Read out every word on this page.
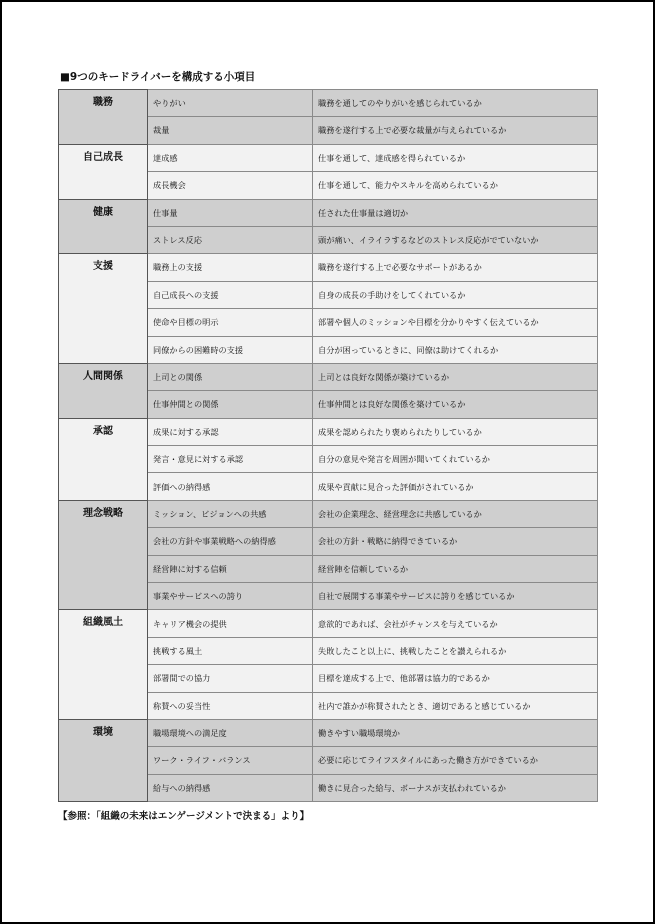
■9つのキードライバーを構成する小項目
職務	やりがい	職務を通してのやりがいを感じられているか
	裁量	職務を遂行する上で必要な裁量が与えられているか
自己成長	達成感	仕事を通して、達成感を得られているか
	成長機会	仕事を通して、能力やスキルを高められているか
健康	仕事量	任された仕事量は適切か
	ストレス反応	頭が痛い、イライラするなどのストレス反応がでていないか
支援	職務上の支援	職務を遂行する上で必要なサポートがあるか
	自己成長への支援	自身の成長の手助けをしてくれているか
	使命や目標の明示	部署や個人のミッションや目標を分かりやすく伝えているか
	同僚からの困難時の支援	自分が困っているときに、同僚は助けてくれるか
人間関係	上司との関係	上司とは良好な関係が築けているか
	仕事仲間との関係	仕事仲間とは良好な関係を築けているか
承認	成果に対する承認	成果を認められたり褒められたりしているか
	発言・意見に対する承認	自分の意見や発言を周囲が聞いてくれているか
	評価への納得感	成果や貢献に見合った評価がされているか
理念戦略	ミッション、ビジョンへの共感	会社の企業理念、経営理念に共感しているか
	会社の方針や事業戦略への納得感	会社の方針・戦略に納得できているか
	経営陣に対する信頼	経営陣を信頼しているか
	事業やサービスへの誇り	自社で展開する事業やサービスに誇りを感じているか
組織風土	キャリア機会の提供	意欲的であれば、会社がチャンスを与えているか
	挑戦する風土	失敗したこと以上に、挑戦したことを讃えられるか
	部署間での協力	目標を達成する上で、他部署は協力的であるか
	称賛への妥当性	社内で誰かが称賛されたとき、適切であると感じているか
環境	職場環境への満足度	働きやすい職場環境か
	ワーク・ライフ・バランス	必要に応じてライフスタイルにあった働き方ができているか
	給与への納得感	働きに見合った給与、ボーナスが支払われているか
【参照：「組織の未来はエンゲージメントで決まる」より】
